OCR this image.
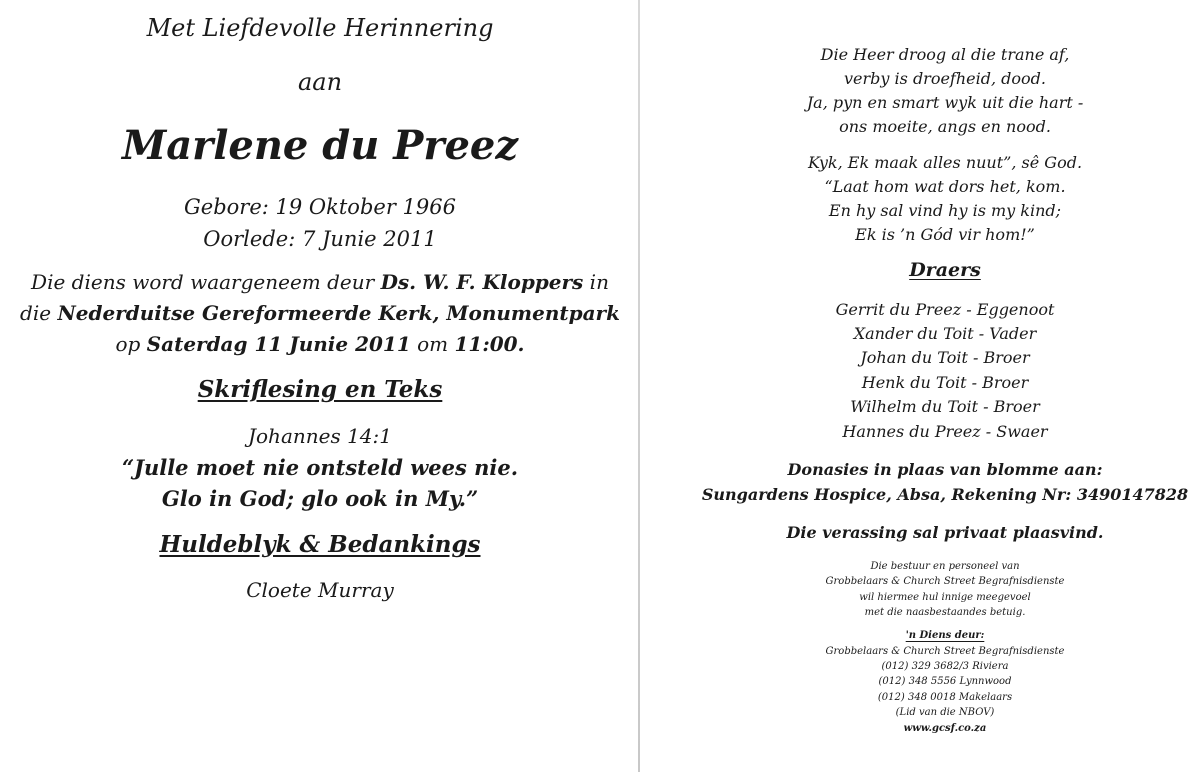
Met Liefdevolle Herinnering
aan
Marlene du Preez
Gebore: 19 Oktober 1966
Oorlede: 7 Junie 2011
Die diens word waargeneem deur Ds. W. F. Kloppers in
die Nederduitse Gereformeerde Kerk, Monumentpark
op Saterdag 11 Junie 2011 om 11:00.
Skriflesing en Teks
Johannes 14:1
“Julle moet nie ontsteld wees nie.
Glo in God; glo ook in My.”
Huldeblyk & Bedankings
Cloete Murray
Die Heer droog al die trane af,
verby is droefheid, dood.
Ja, pyn en smart wyk uit die hart -
ons moeite, angs en nood.
Kyk, Ek maak alles nuut”, sê God.
“Laat hom wat dors het, kom.
En hy sal vind hy is my kind;
Ek is ’n Gód vir hom!”
Draers
Gerrit du Preez - Eggenoot
Xander du Toit - Vader
Johan du Toit - Broer
Henk du Toit - Broer
Wilhelm du Toit - Broer
Hannes du Preez - Swaer
Donasies in plaas van blomme aan:
Sungardens Hospice, Absa, Rekening Nr: 3490147828
Die verassing sal privaat plaasvind.
Die bestuur en personeel van
Grobbelaars & Church Street Begrafnisdienste
wil hiermee hul innige meegevoel
met die naasbestaandes betuig.
'n Diens deur:
Grobbelaars & Church Street Begrafnisdienste
(012) 329 3682/3 Riviera
(012) 348 5556 Lynnwood
(012) 348 0018 Makelaars
(Lid van die NBOV)
www.gcsf.co.za
